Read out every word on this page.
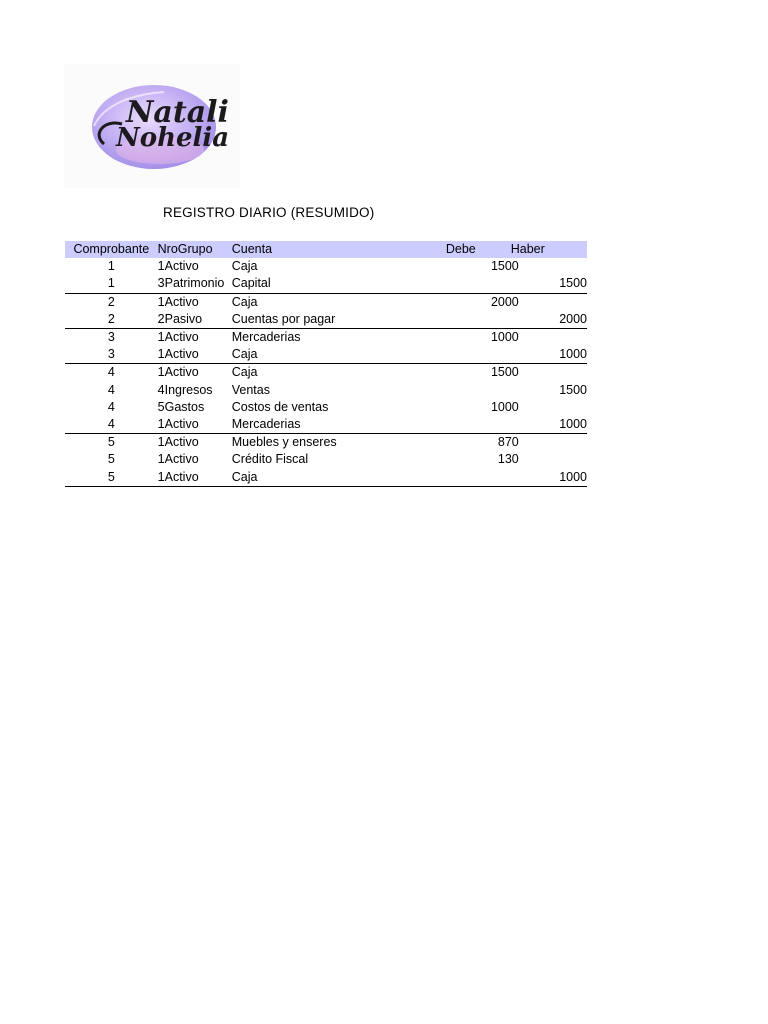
Natali
Nohelia
REGISTRO DIARIO (RESUMIDO)
Comprobante	NroGrupo	Cuenta	Debe	Haber
1	1Activo	Caja	1500	
1	3Patrimonio	Capital		1500
2	1Activo	Caja	2000	
2	2Pasivo	Cuentas por pagar		2000
3	1Activo	Mercaderias	1000	
3	1Activo	Caja		1000
4	1Activo	Caja	1500	
4	4Ingresos	Ventas		1500
4	5Gastos	Costos de ventas	1000	
4	1Activo	Mercaderias		1000
5	1Activo	Muebles y enseres	870	
5	1Activo	Crédito Fiscal	130	
5	1Activo	Caja		1000
